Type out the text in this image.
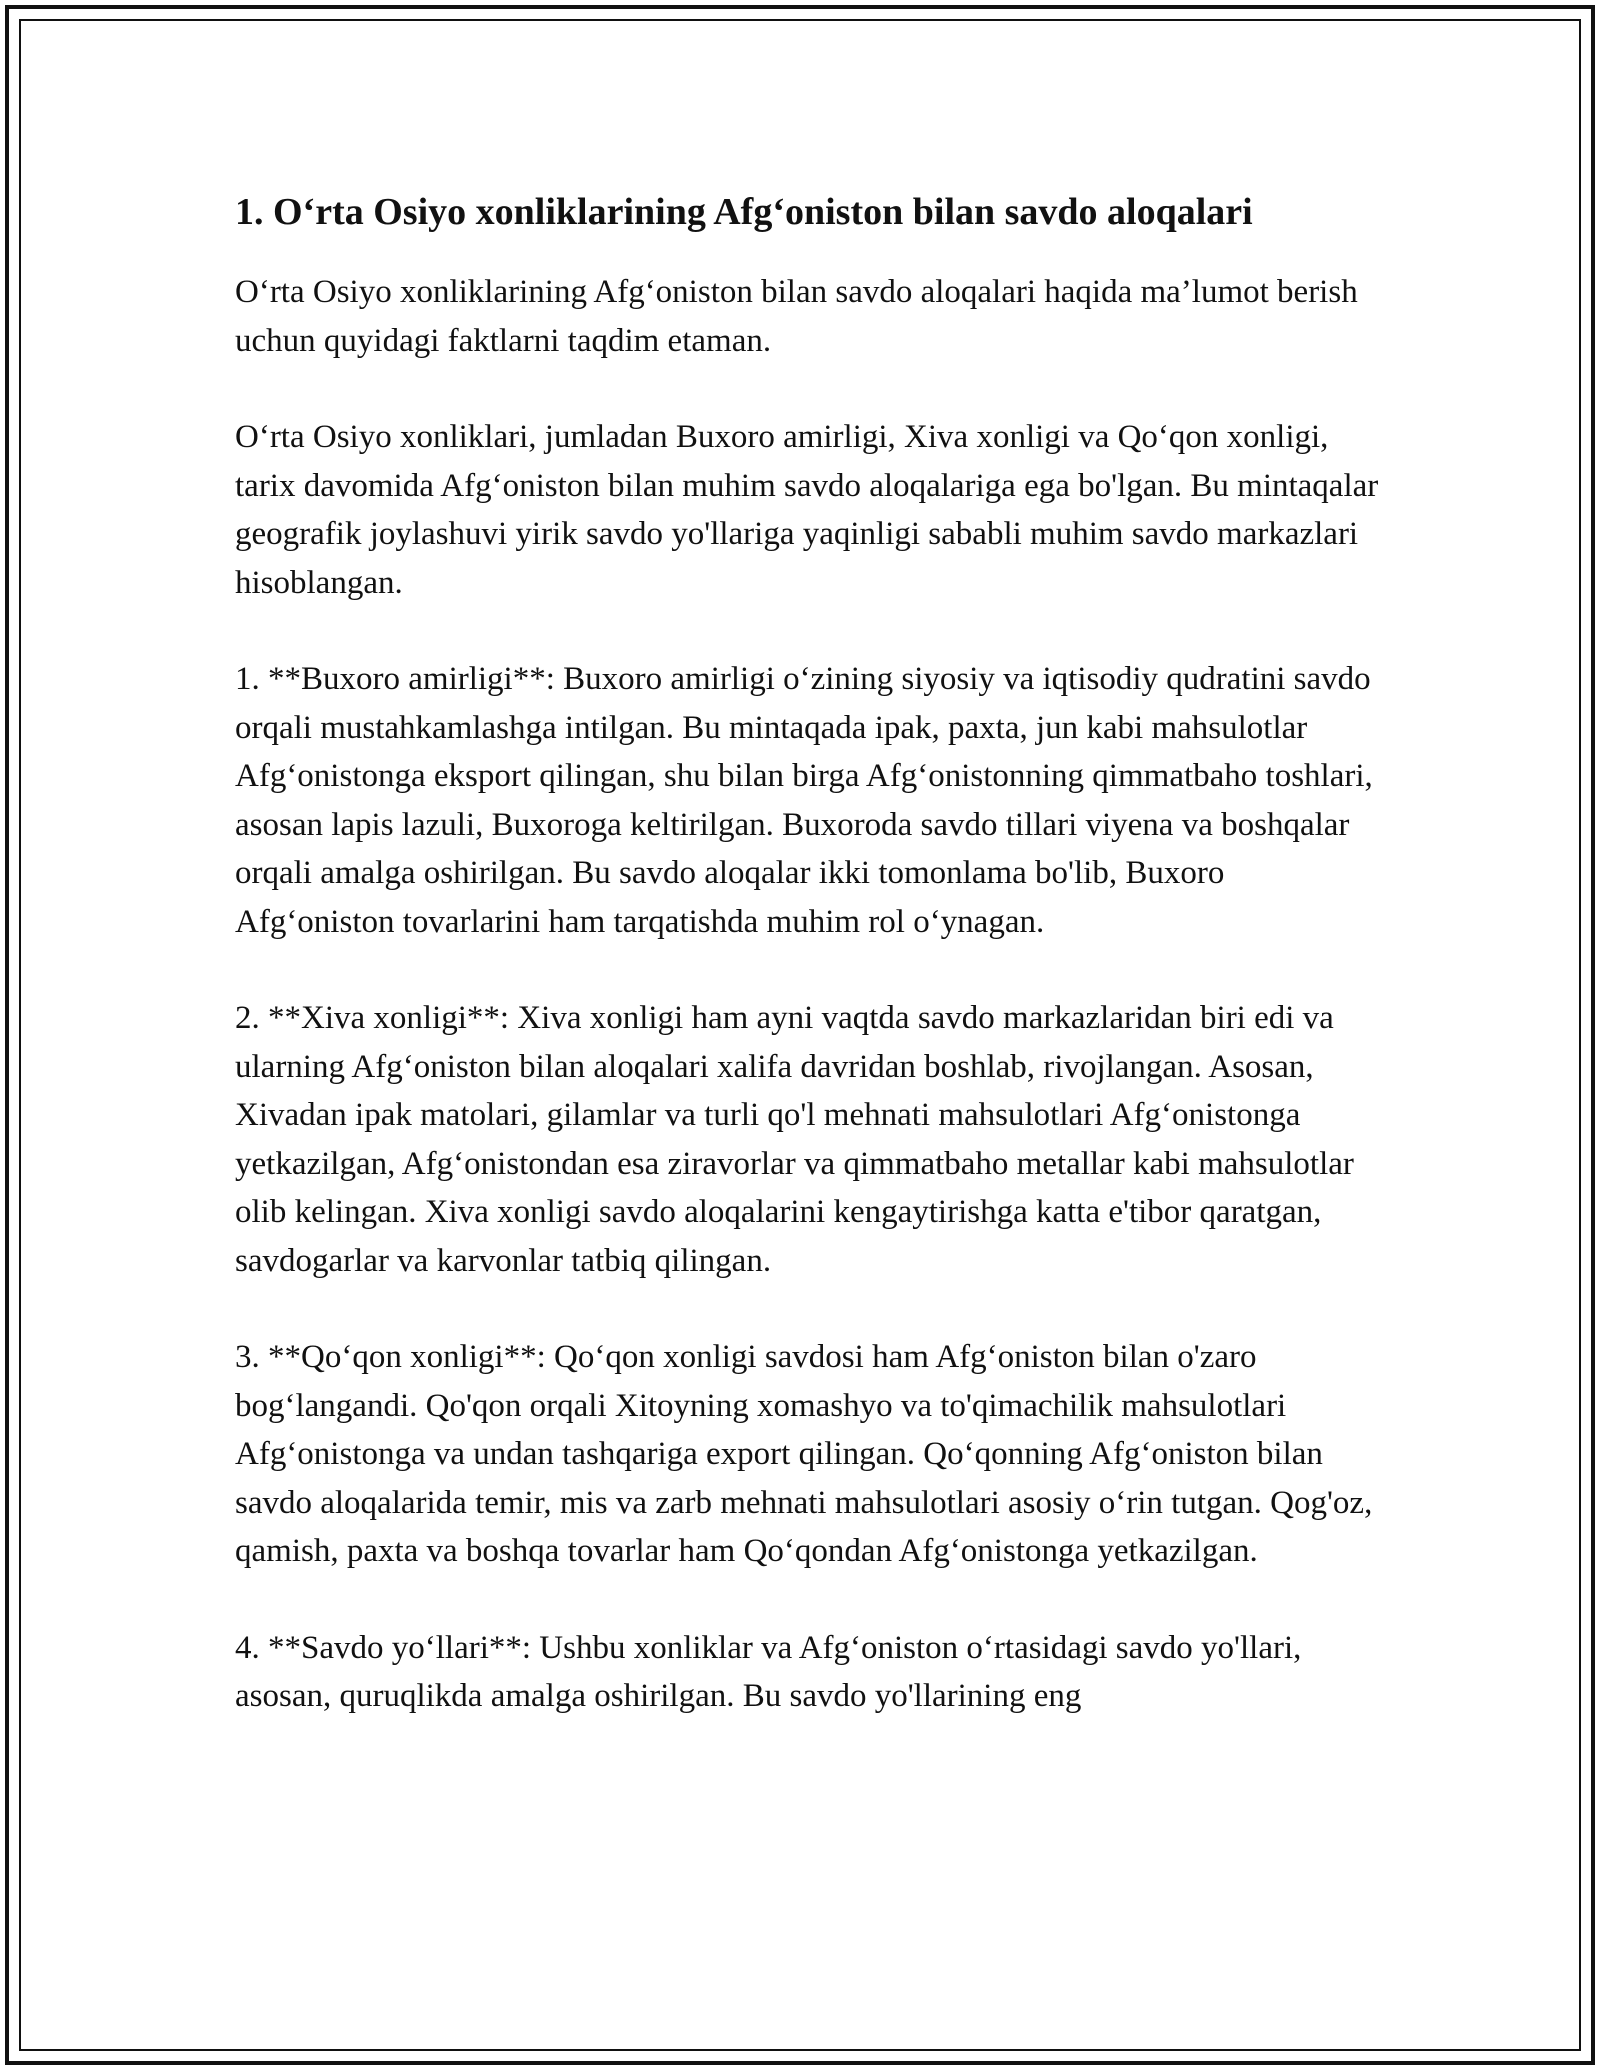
1. O‘rta Osiyo xonliklarining Afg‘oniston bilan savdo aloqalari

O‘rta Osiyo xonliklarining Afg‘oniston bilan savdo aloqalari haqida ma’lumot berish uchun quyidagi faktlarni taqdim etaman.

O‘rta Osiyo xonliklari, jumladan Buxoro amirligi, Xiva xonligi va Qo‘qon xonligi, tarix davomida Afg‘oniston bilan muhim savdo aloqalariga ega bo'lgan. Bu mintaqalar geografik joylashuvi yirik savdo yo'llariga yaqinligi sababli muhim savdo markazlari hisoblangan.

1. **Buxoro amirligi**: Buxoro amirligi o‘zining siyosiy va iqtisodiy qudratini savdo orqali mustahkamlashga intilgan. Bu mintaqada ipak, paxta, jun kabi mahsulotlar Afg‘onistonga eksport qilingan, shu bilan birga Afg‘onistonning qimmatbaho toshlari, asosan lapis lazuli, Buxoroga keltirilgan. Buxoroda savdo tillari viyena va boshqalar orqali amalga oshirilgan. Bu savdo aloqalar ikki tomonlama bo'lib, Buxoro Afg‘oniston tovarlarini ham tarqatishda muhim rol o‘ynagan.

2. **Xiva xonligi**: Xiva xonligi ham ayni vaqtda savdo markazlaridan biri edi va ularning Afg‘oniston bilan aloqalari xalifa davridan boshlab, rivojlangan. Asosan, Xivadan ipak matolari, gilamlar va turli qo'l mehnati mahsulotlari Afg‘onistonga yetkazilgan, Afg‘onistondan esa ziravorlar va qimmatbaho metallar kabi mahsulotlar olib kelingan. Xiva xonligi savdo aloqalarini kengaytirishga katta e'tibor qaratgan, savdogarlar va karvonlar tatbiq qilingan.

3. **Qo‘qon xonligi**: Qo‘qon xonligi savdosi ham Afg‘oniston bilan o'zaro bog‘langandi. Qo'qon orqali Xitoyning xomashyo va to'qimachilik mahsulotlari Afg‘onistonga va undan tashqariga export qilingan. Qo‘qonning Afg‘oniston bilan savdo aloqalarida temir, mis va zarb mehnati mahsulotlari asosiy o‘rin tutgan. Qog'oz, qamish, paxta va boshqa tovarlar ham Qo‘qondan Afg‘onistonga yetkazilgan.

4. **Savdo yo‘llari**: Ushbu xonliklar va Afg‘oniston o‘rtasidagi savdo yo'llari, asosan, quruqlikda amalga oshirilgan. Bu savdo yo'llarining eng
